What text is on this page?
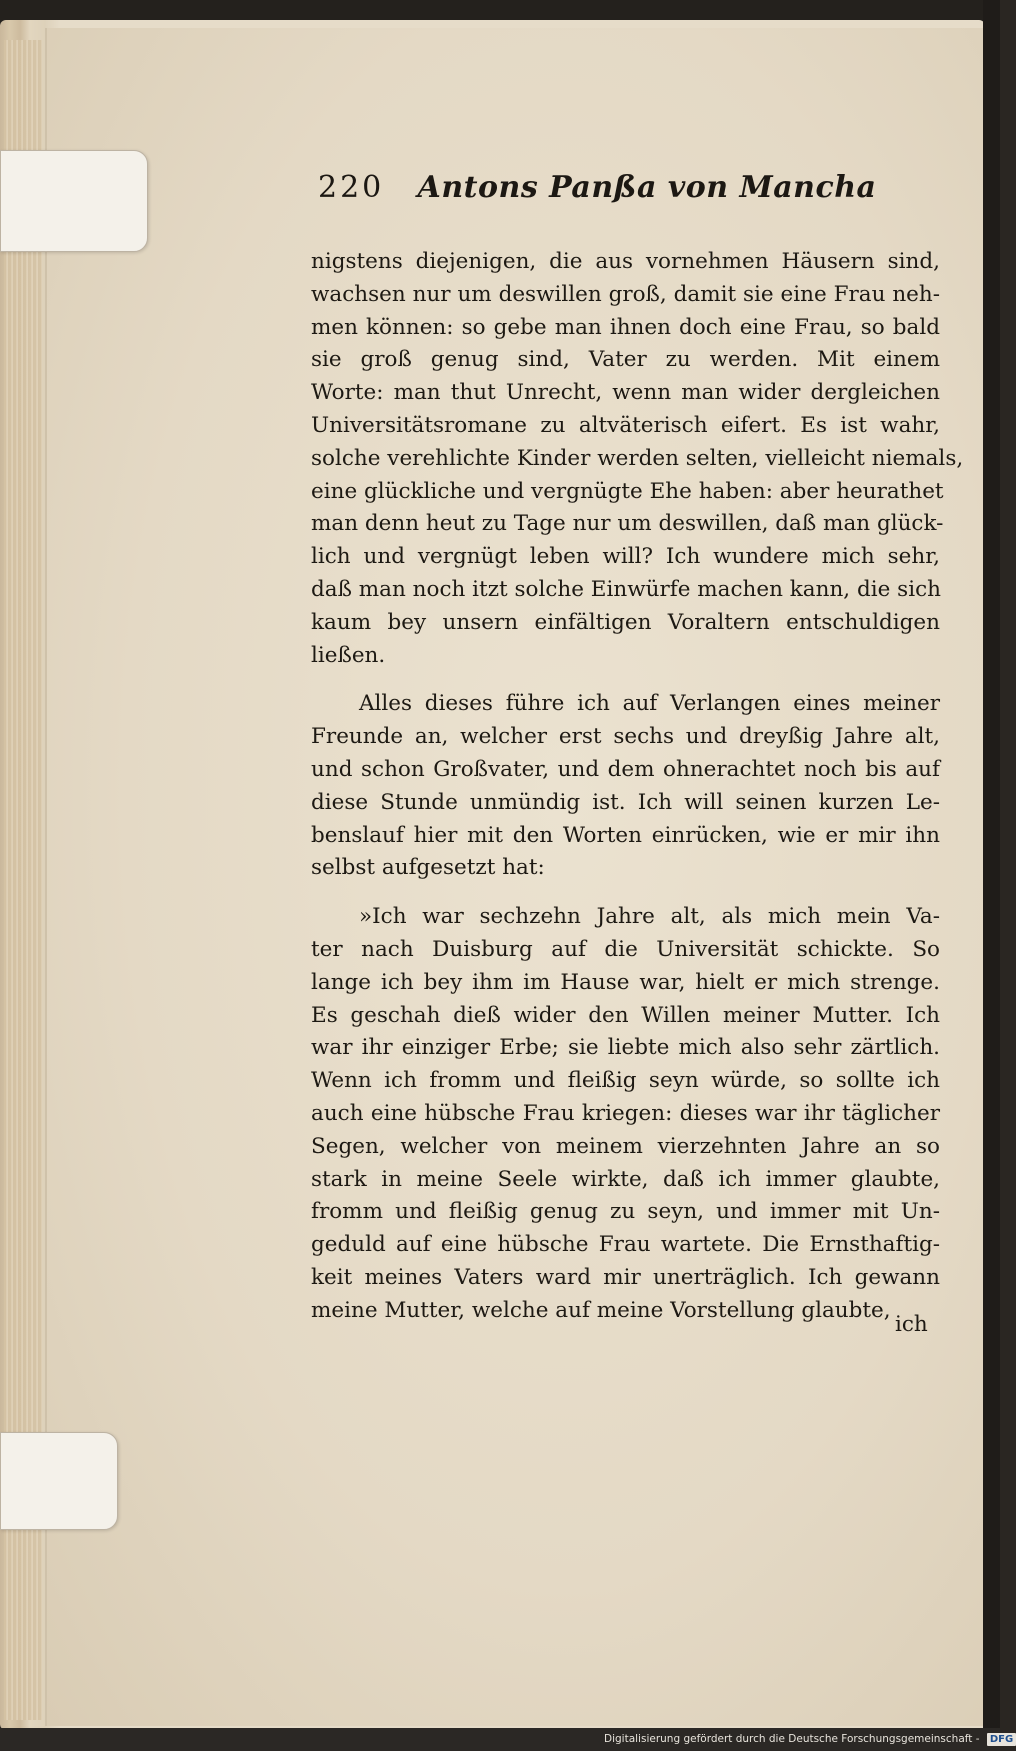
220 Antons Panßa von Mancha
nigstens diejenigen, die aus vornehmen Häusern sind,
wachsen nur um deswillen groß, damit sie eine Frau neh-
men können: so gebe man ihnen doch eine Frau, so bald
sie groß genug sind, Vater zu werden. Mit einem
Worte: man thut Unrecht, wenn man wider dergleichen
Universitätsromane zu altväterisch eifert. Es ist wahr,
solche verehlichte Kinder werden selten, vielleicht niemals,
eine glückliche und vergnügte Ehe haben: aber heurathet
man denn heut zu Tage nur um deswillen, daß man glück-
lich und vergnügt leben will? Ich wundere mich sehr,
daß man noch itzt solche Einwürfe machen kann, die sich
kaum bey unsern einfältigen Voraltern entschuldigen
ließen.
Alles dieses führe ich auf Verlangen eines meiner
Freunde an, welcher erst sechs und dreyßig Jahre alt,
und schon Großvater, und dem ohnerachtet noch bis auf
diese Stunde unmündig ist. Ich will seinen kurzen Le-
benslauf hier mit den Worten einrücken, wie er mir ihn
selbst aufgesetzt hat:
»Ich war sechzehn Jahre alt, als mich mein Va-
ter nach Duisburg auf die Universität schickte. So
lange ich bey ihm im Hause war, hielt er mich strenge.
Es geschah dieß wider den Willen meiner Mutter. Ich
war ihr einziger Erbe; sie liebte mich also sehr zärtlich.
Wenn ich fromm und fleißig seyn würde, so sollte ich
auch eine hübsche Frau kriegen: dieses war ihr täglicher
Segen, welcher von meinem vierzehnten Jahre an so
stark in meine Seele wirkte, daß ich immer glaubte,
fromm und fleißig genug zu seyn, und immer mit Un-
geduld auf eine hübsche Frau wartete. Die Ernsthaftig-
keit meines Vaters ward mir unerträglich. Ich gewann
meine Mutter, welche auf meine Vorstellung glaubte,
ich
Digitalisierung gefördert durch die Deutsche Forschungsgemeinschaft - DFG
